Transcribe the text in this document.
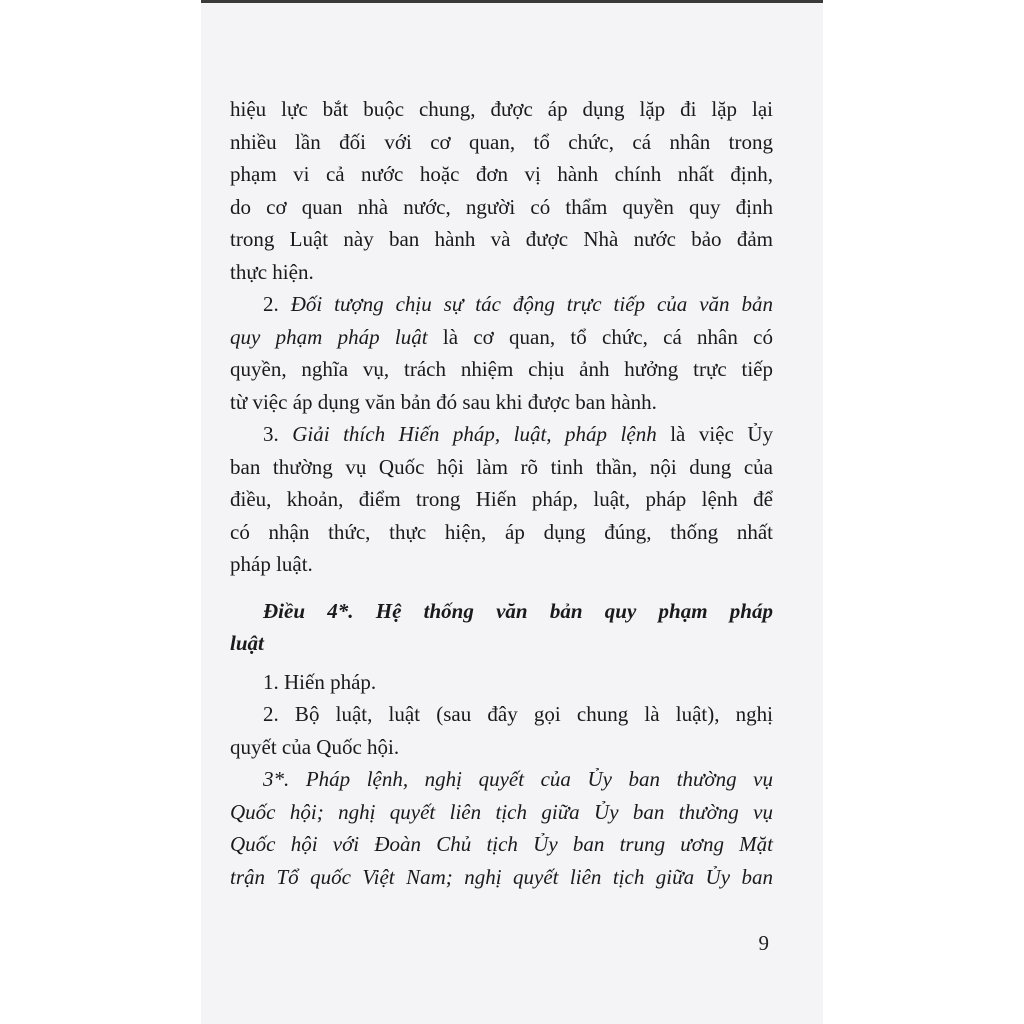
hiệu lực bắt buộc chung, được áp dụng lặp đi lặp lại
nhiều lần đối với cơ quan, tổ chức, cá nhân trong
phạm vi cả nước hoặc đơn vị hành chính nhất định,
do cơ quan nhà nước, người có thẩm quyền quy định
trong Luật này ban hành và được Nhà nước bảo đảm
thực hiện.
2. Đối tượng chịu sự tác động trực tiếp của văn bản
quy phạm pháp luật là cơ quan, tổ chức, cá nhân có
quyền, nghĩa vụ, trách nhiệm chịu ảnh hưởng trực tiếp
từ việc áp dụng văn bản đó sau khi được ban hành.
3. Giải thích Hiến pháp, luật, pháp lệnh là việc Ủy
ban thường vụ Quốc hội làm rõ tinh thần, nội dung của
điều, khoản, điểm trong Hiến pháp, luật, pháp lệnh để
có nhận thức, thực hiện, áp dụng đúng, thống nhất
pháp luật.
Điều 4*. Hệ thống văn bản quy phạm pháp
luật
1. Hiến pháp.
2. Bộ luật, luật (sau đây gọi chung là luật), nghị
quyết của Quốc hội.
3*. Pháp lệnh, nghị quyết của Ủy ban thường vụ
Quốc hội; nghị quyết liên tịch giữa Ủy ban thường vụ
Quốc hội với Đoàn Chủ tịch Ủy ban trung ương Mặt
trận Tổ quốc Việt Nam; nghị quyết liên tịch giữa Ủy ban
9
